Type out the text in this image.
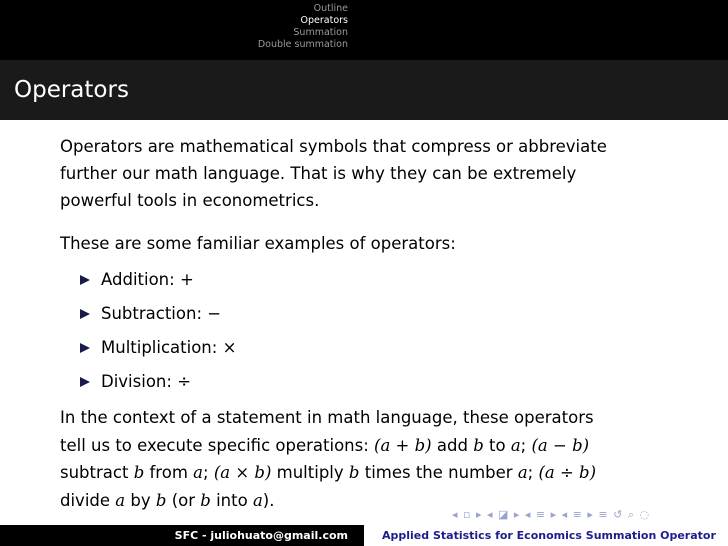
Outline
Operators
Summation
Double summation
Operators
Operators are mathematical symbols that compress or abbreviate
further our math language. That is why they can be extremely
powerful tools in econometrics.
These are some familiar examples of operators:
Addition: +
Subtraction: −
Multiplication: ×
Division: ÷
In the context of a statement in math language, these operators
tell us to execute specific operations: (a + b) add b to a; (a − b)
subtract b from a; (a × b) multiply b times the number a; (a ÷ b)
divide a by b (or b into a).
◂ ▫ ▸ ◂ ◪ ▸ ◂ ≡ ▸ ◂ ≡ ▸ ≡ ↺ ⌕ ◌
SFC - juliohuato@gmail.com	Applied Statistics for Economics Summation Operator
